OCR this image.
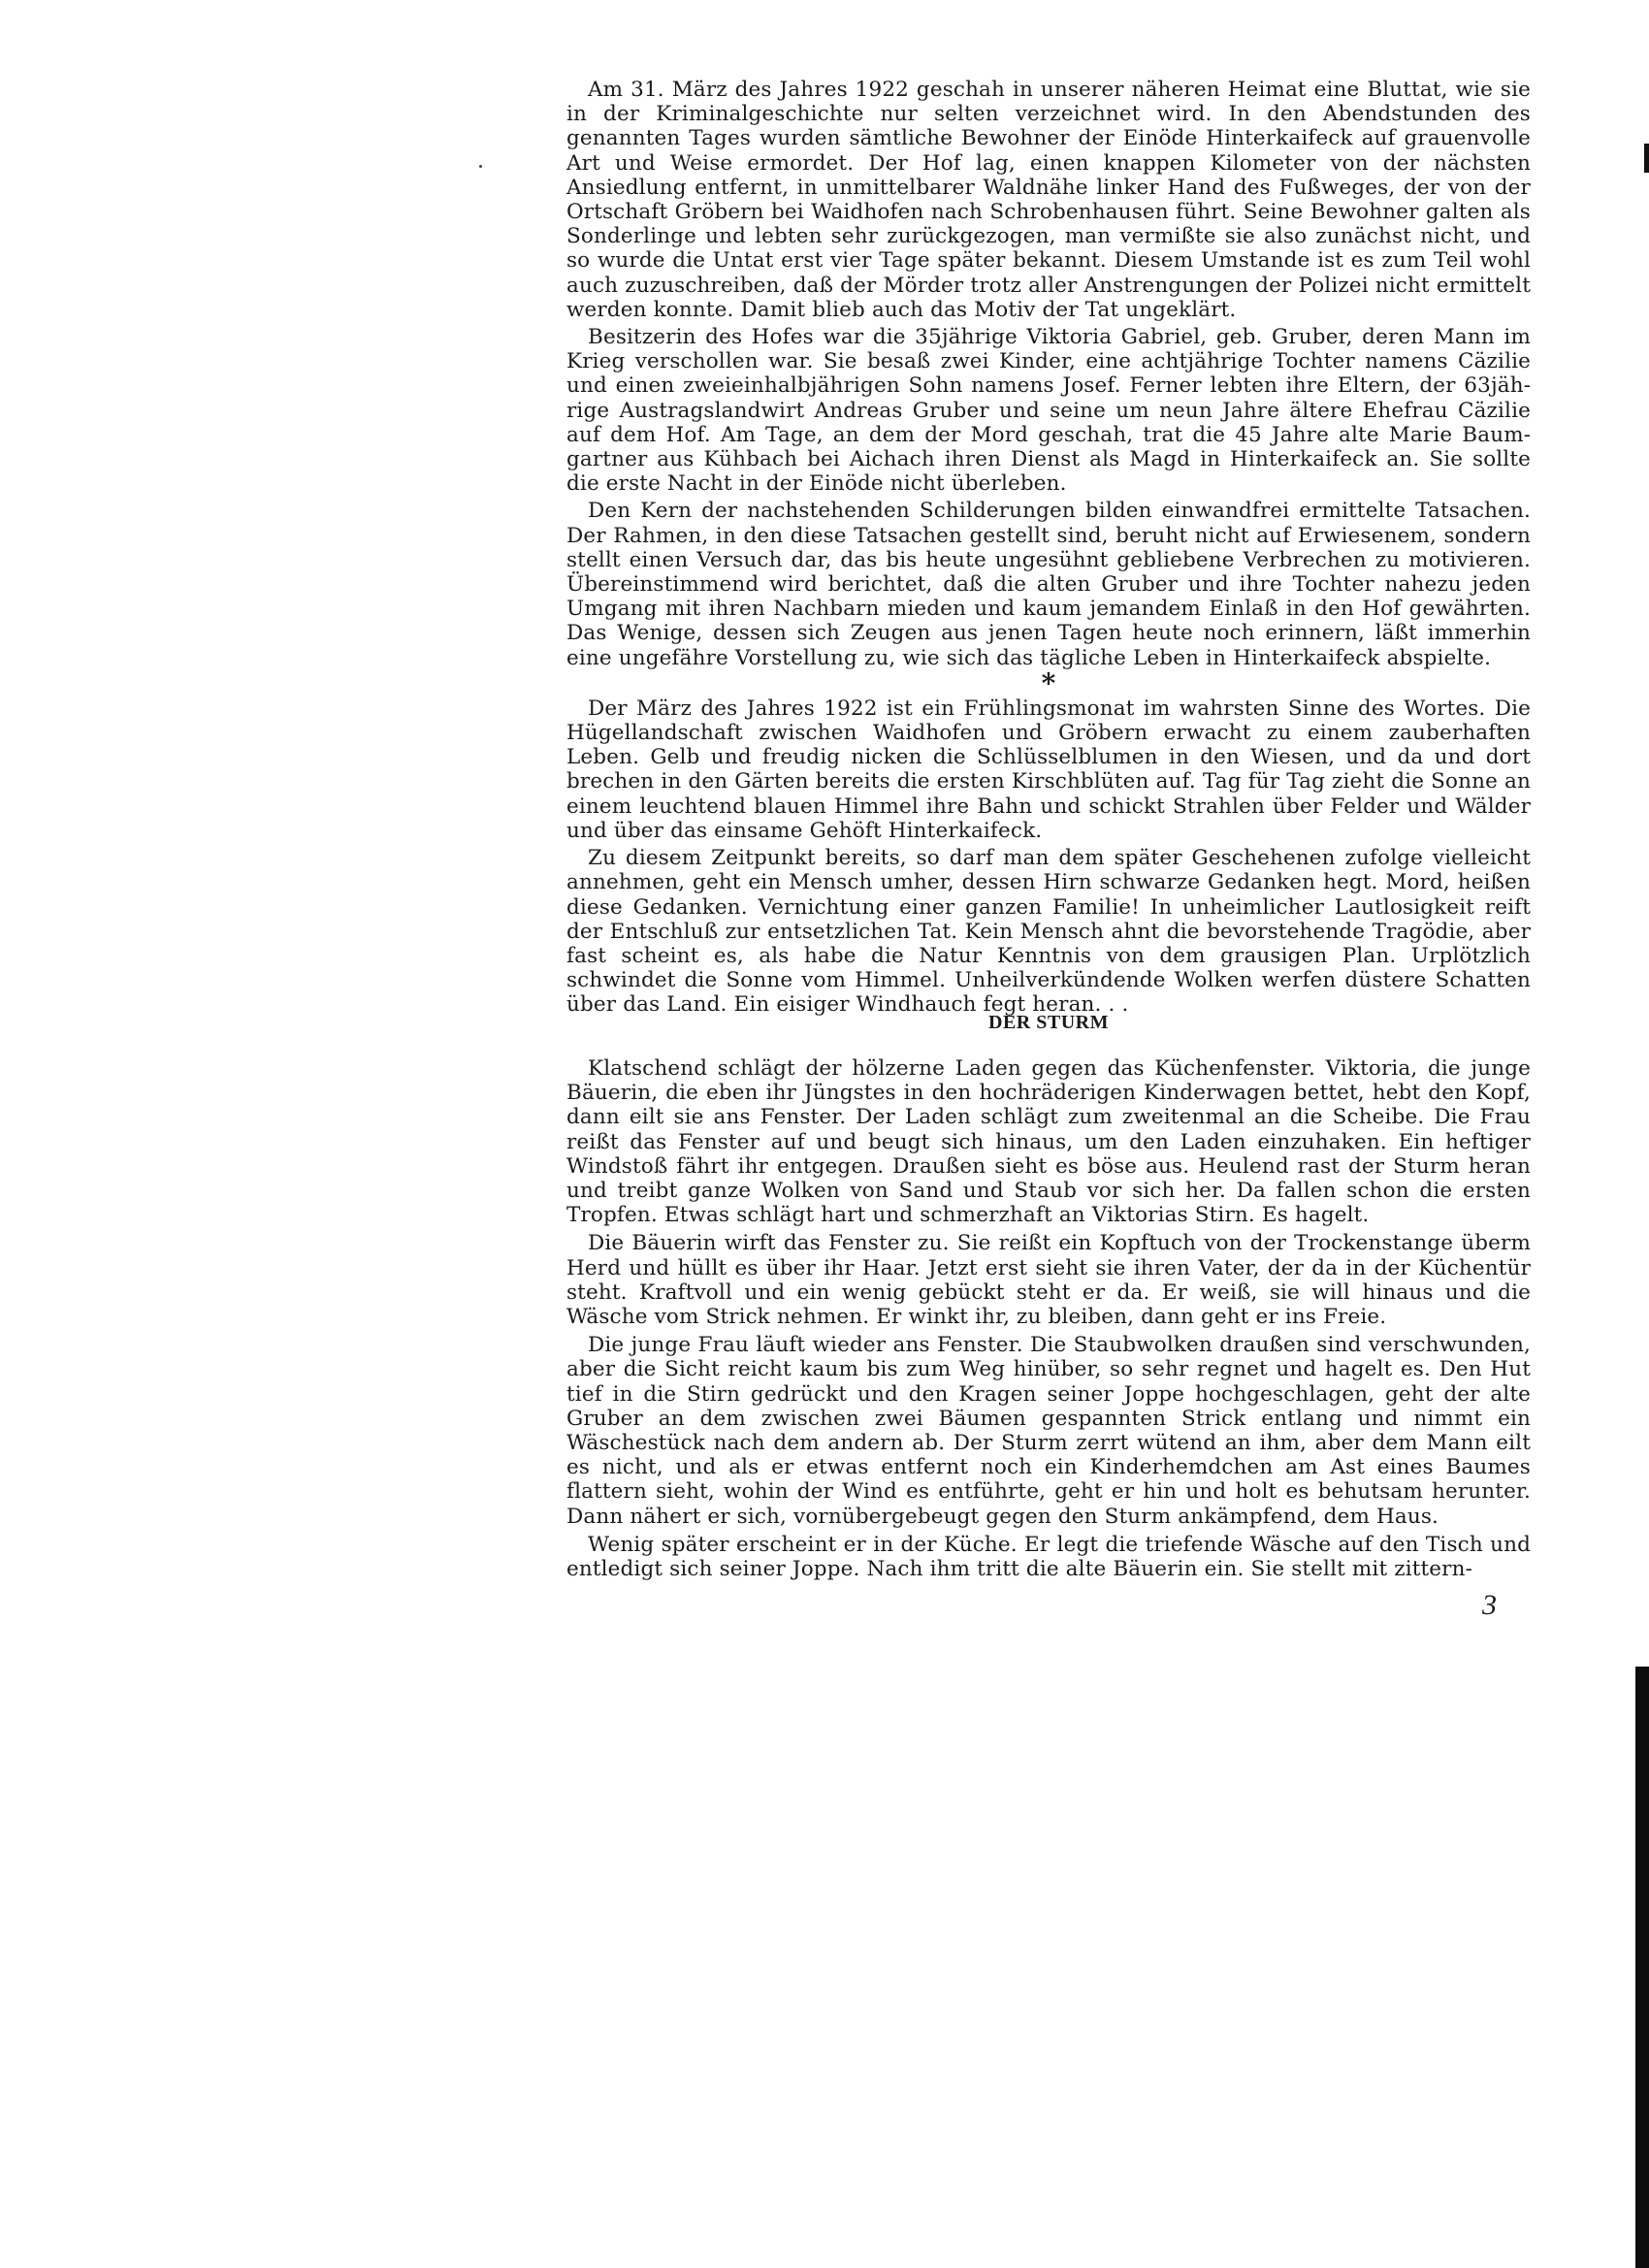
Am 31. März des Jahres 1922 geschah in unserer näheren Heimat eine Bluttat, wie sie in der Kriminalgeschichte nur selten verzeichnet wird. In den Abendstunden des genannten Tages wurden sämtliche Bewohner der Einöde Hinterkaifeck auf grauenvolle Art und Weise ermordet. Der Hof lag, einen knappen Kilometer von der nächsten Ansiedlung entfernt, in unmittelbarer Waldnähe linker Hand des Fußweges, der von der Ortschaft Gröbern bei Waidhofen nach Schrobenhausen führt. Seine Bewohner galten als Sonderlinge und lebten sehr zurückgezogen, man vermißte sie also zunächst nicht, und so wurde die Untat erst vier Tage später bekannt. Diesem Umstande ist es zum Teil wohl auch zuzuschreiben, daß der Mörder trotz aller Anstrengungen der Polizei nicht ermittelt werden konnte. Damit blieb auch das Motiv der Tat ungeklärt.

Besitzerin des Hofes war die 35jährige Viktoria Gabriel, geb. Gruber, deren Mann im Krieg verschollen war. Sie besaß zwei Kinder, eine achtjährige Tochter namens Cäzilie und einen zweieinhalbjährigen Sohn namens Josef. Ferner lebten ihre Eltern, der 63jährige Austragslandwirt Andreas Gruber und seine um neun Jahre ältere Ehefrau Cäzilie auf dem Hof. Am Tage, an dem der Mord geschah, trat die 45 Jahre alte Marie Baumgartner aus Kühbach bei Aichach ihren Dienst als Magd in Hinterkaifeck an. Sie sollte die erste Nacht in der Einöde nicht überleben.

Den Kern der nachstehenden Schilderungen bilden einwandfrei ermittelte Tatsachen. Der Rahmen, in den diese Tatsachen gestellt sind, beruht nicht auf Erwiesenem, sondern stellt einen Versuch dar, das bis heute ungesühnt gebliebene Verbrechen zu motivieren. Übereinstimmend wird berichtet, daß die alten Gruber und ihre Tochter nahezu jeden Umgang mit ihren Nachbarn mieden und kaum jemandem Einlaß in den Hof gewährten. Das Wenige, dessen sich Zeugen aus jenen Tagen heute noch erinnern, läßt immerhin eine ungefähre Vorstellung zu, wie sich das tägliche Leben in Hinterkaifeck abspielte.

*

Der März des Jahres 1922 ist ein Frühlingsmonat im wahrsten Sinne des Wortes. Die Hügellandschaft zwischen Waidhofen und Gröbern erwacht zu einem zauberhaften Leben. Gelb und freudig nicken die Schlüsselblumen in den Wiesen, und da und dort brechen in den Gärten bereits die ersten Kirschblüten auf. Tag für Tag zieht die Sonne an einem leuchtend blauen Himmel ihre Bahn und schickt Strahlen über Felder und Wälder und über das einsame Gehöft Hinterkaifeck.

Zu diesem Zeitpunkt bereits, so darf man dem später Geschehenen zufolge vielleicht annehmen, geht ein Mensch umher, dessen Hirn schwarze Gedanken hegt. Mord, heißen diese Gedanken. Vernichtung einer ganzen Familie! In unheimlicher Lautlosigkeit reift der Entschluß zur entsetzlichen Tat. Kein Mensch ahnt die bevorstehende Tragödie, aber fast scheint es, als habe die Natur Kenntnis von dem grausigen Plan. Urplötzlich schwindet die Sonne vom Himmel. Unheilverkündende Wolken werfen düstere Schatten über das Land. Ein eisiger Windhauch fegt heran. . .

DER STURM

Klatschend schlägt der hölzerne Laden gegen das Küchenfenster. Viktoria, die junge Bäuerin, die eben ihr Jüngstes in den hochräderigen Kinderwagen bettet, hebt den Kopf, dann eilt sie ans Fenster. Der Laden schlägt zum zweitenmal an die Scheibe. Die Frau reißt das Fenster auf und beugt sich hinaus, um den Laden einzuhaken. Ein heftiger Windstoß fährt ihr entgegen. Draußen sieht es böse aus. Heulend rast der Sturm heran und treibt ganze Wolken von Sand und Staub vor sich her. Da fallen schon die ersten Tropfen. Etwas schlägt hart und schmerzhaft an Viktorias Stirn. Es hagelt.

Die Bäuerin wirft das Fenster zu. Sie reißt ein Kopftuch von der Trockenstange überm Herd und hüllt es über ihr Haar. Jetzt erst sieht sie ihren Vater, der da in der Küchentür steht. Kraftvoll und ein wenig gebückt steht er da. Er weiß, sie will hinaus und die Wäsche vom Strick nehmen. Er winkt ihr, zu bleiben, dann geht er ins Freie.

Die junge Frau läuft wieder ans Fenster. Die Staubwolken draußen sind verschwunden, aber die Sicht reicht kaum bis zum Weg hinüber, so sehr regnet und hagelt es. Den Hut tief in die Stirn gedrückt und den Kragen seiner Joppe hochgeschlagen, geht der alte Gruber an dem zwischen zwei Bäumen gespannten Strick entlang und nimmt ein Wäschestück nach dem andern ab. Der Sturm zerrt wütend an ihm, aber dem Mann eilt es nicht, und als er etwas entfernt noch ein Kinderhemdchen am Ast eines Baumes flattern sieht, wohin der Wind es entführte, geht er hin und holt es behutsam herunter. Dann nähert er sich, vornübergebeugt gegen den Sturm ankämpfend, dem Haus.

Wenig später erscheint er in der Küche. Er legt die triefende Wäsche auf den Tisch und entledigt sich seiner Joppe. Nach ihm tritt die alte Bäuerin ein. Sie stellt mit zittern-

3
